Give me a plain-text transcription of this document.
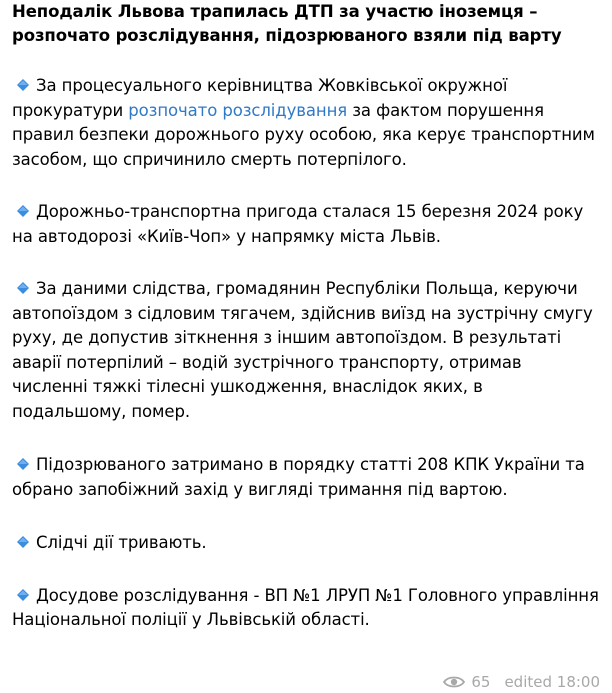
Неподалік Львова трапилась ДТП за участю іноземця –
розпочато розслідування, підозрюваного взяли під варту

За процесуального керівництва Жовківської окружної прокуратури розпочато розслідування за фактом порушення правил безпеки дорожнього руху особою, яка керує транспортним засобом, що спричинило смерть потерпілого.

Дорожньо-транспортна пригода сталася 15 березня 2024 року на автодорозі «Київ-Чоп» у напрямку міста Львів.

За даними слідства, громадянин Республіки Польща, керуючи автопоїздом з сідловим тягачем, здійснив виїзд на зустрічну смугу руху, де допустив зіткнення з іншим автопоїздом. В результаті аварії потерпілий – водій зустрічного транспорту, отримав численні тяжкі тілесні ушкодження, внаслідок яких, в подальшому, помер.

Підозрюваного затримано в порядку статті 208 КПК України та обрано запобіжний захід у вигляді тримання під вартою.

Слідчі дії тривають.

Досудове розслідування - ВП №1 ЛРУП №1 Головного управління Національної поліції у Львівській області.

65 edited 18:00
